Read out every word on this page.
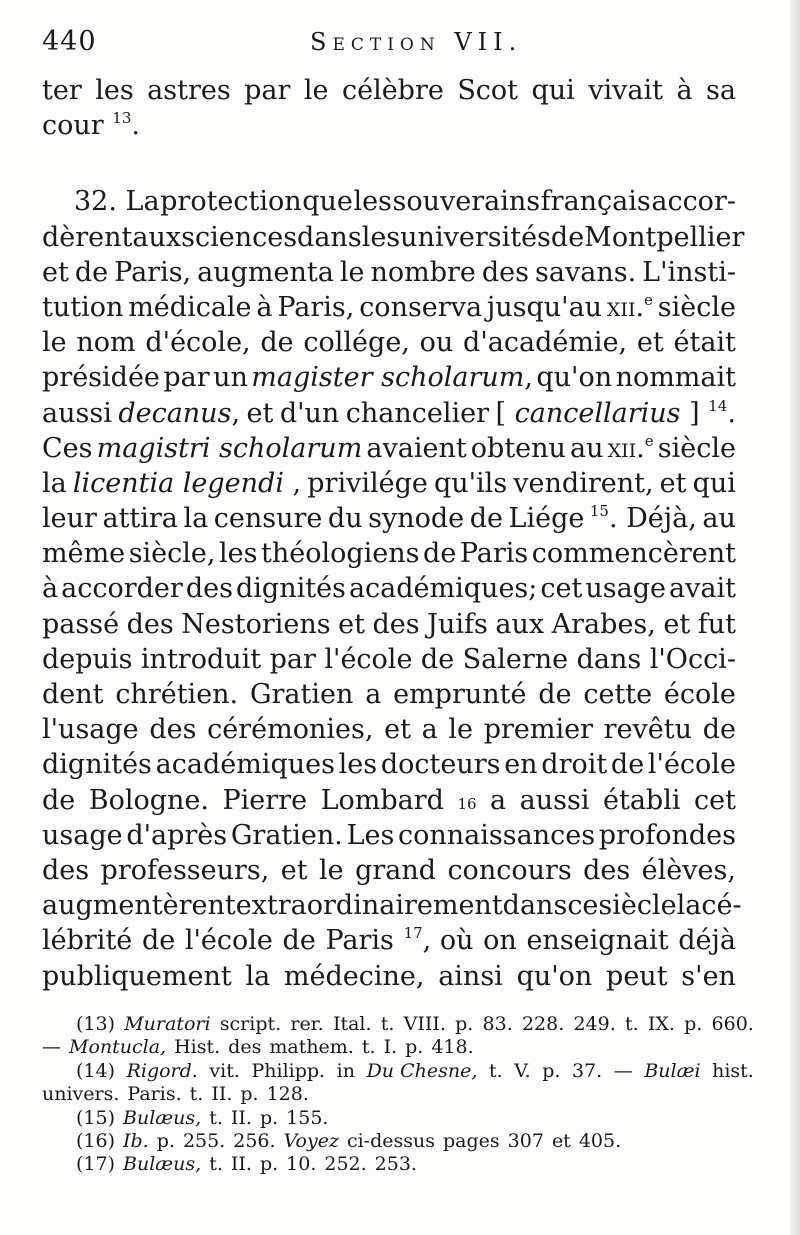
440	Section VII.
ter les astres par le célèbre Scot qui vivait à sa
cour $^{13}$.
32. La protection que les souverains français accor-
dèrent aux sciences dans les universités de Montpellier
et de Paris, augmenta le nombre des savans. L'insti-
tution médicale à Paris, conserva jusqu'au xii.$^e$ siècle
le nom d'école, de collége, ou d'académie, et était
présidée par un magister scholarum, qu'on nommait
aussi decanus, et d'un chancelier [ cancellarius ] $^{14}$.
Ces magistri scholarum avaient obtenu au xii.$^e$ siècle
la licentia legendi , privilége qu'ils vendirent, et qui
leur attira la censure du synode de Liége $^{15}$. Déjà, au
même siècle, les théologiens de Paris commencèrent
à accorder des dignités académiques; cet usage avait
passé des Nestoriens et des Juifs aux Arabes, et fut
depuis introduit par l'école de Salerne dans l'Occi-
dent chrétien. Gratien a emprunté de cette école
l'usage des cérémonies, et a le premier revêtu de
dignités académiques les docteurs en droit de l'école
de Bologne. Pierre Lombard 16 a aussi établi cet
usage d'après Gratien. Les connaissances profondes
des professeurs, et le grand concours des élèves,
augmentèrent extraordinairement dans ce siècle la cé-
lébrité de l'école de Paris $^{17}$, où on enseignait déjà
publiquement la médecine, ainsi qu'on peut s'en
(13) Muratori script. rer. Ital. t. VIII. p. 83. 228. 249. t. IX. p. 660.
— Montucla, Hist. des mathem. t. I. p. 418.
(14) Rigord. vit. Philipp. in Du Chesne, t. V. p. 37. — Bulæi hist.
univers. Paris. t. II. p. 128.
(15) Bulæus, t. II. p. 155.
(16) Ib. p. 255. 256. Voyez ci-dessus pages 307 et 405.
(17) Bulæus, t. II. p. 10. 252. 253.
